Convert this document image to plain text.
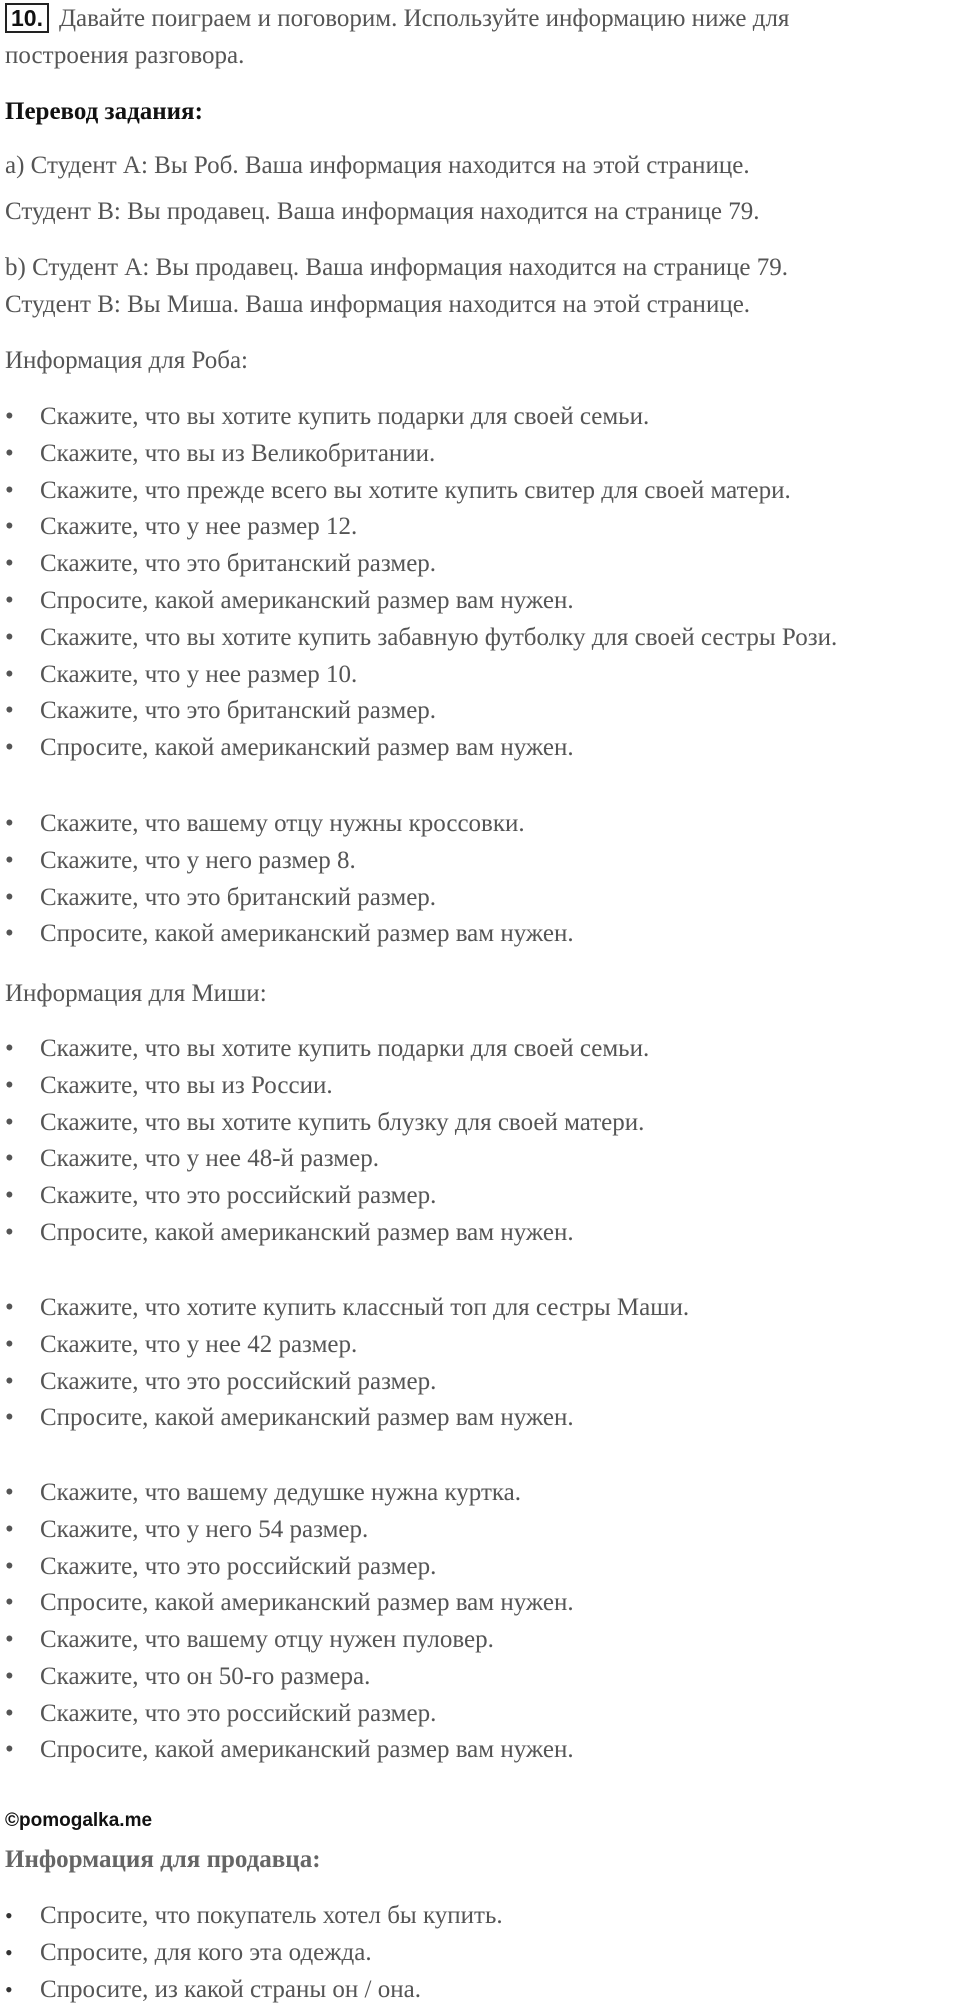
10. Давайте поиграем и поговорим. Используйте информацию ниже для
построения разговора.
Перевод задания:
a) Студент А: Вы Роб. Ваша информация находится на этой странице.
Студент В: Вы продавец. Ваша информация находится на странице 79.
b) Студент А: Вы продавец. Ваша информация находится на странице 79.
Студент В: Вы Миша. Ваша информация находится на этой странице.
Информация для Роба:
• Скажите, что вы хотите купить подарки для своей семьи.
• Скажите, что вы из Великобритании.
• Скажите, что прежде всего вы хотите купить свитер для своей матери.
• Скажите, что у нее размер 12.
• Скажите, что это британский размер.
• Спросите, какой американский размер вам нужен.
• Скажите, что вы хотите купить забавную футболку для своей сестры Рози.
• Скажите, что у нее размер 10.
• Скажите, что это британский размер.
• Спросите, какой американский размер вам нужен.
• Скажите, что вашему отцу нужны кроссовки.
• Скажите, что у него размер 8.
• Скажите, что это британский размер.
• Спросите, какой американский размер вам нужен.
Информация для Миши:
• Скажите, что вы хотите купить подарки для своей семьи.
• Скажите, что вы из России.
• Скажите, что вы хотите купить блузку для своей матери.
• Скажите, что у нее 48-й размер.
• Скажите, что это российский размер.
• Спросите, какой американский размер вам нужен.
• Скажите, что хотите купить классный топ для сестры Маши.
• Скажите, что у нее 42 размер.
• Скажите, что это российский размер.
• Спросите, какой американский размер вам нужен.
• Скажите, что вашему дедушке нужна куртка.
• Скажите, что у него 54 размер.
• Скажите, что это российский размер.
• Спросите, какой американский размер вам нужен.
• Скажите, что вашему отцу нужен пуловер.
• Скажите, что он 50-го размера.
• Скажите, что это российский размер.
• Спросите, какой американский размер вам нужен.
©pomogalka.me
Информация для продавца:
• Спросите, что покупатель хотел бы купить.
• Спросите, для кого эта одежда.
• Спросите, из какой страны он / она.
